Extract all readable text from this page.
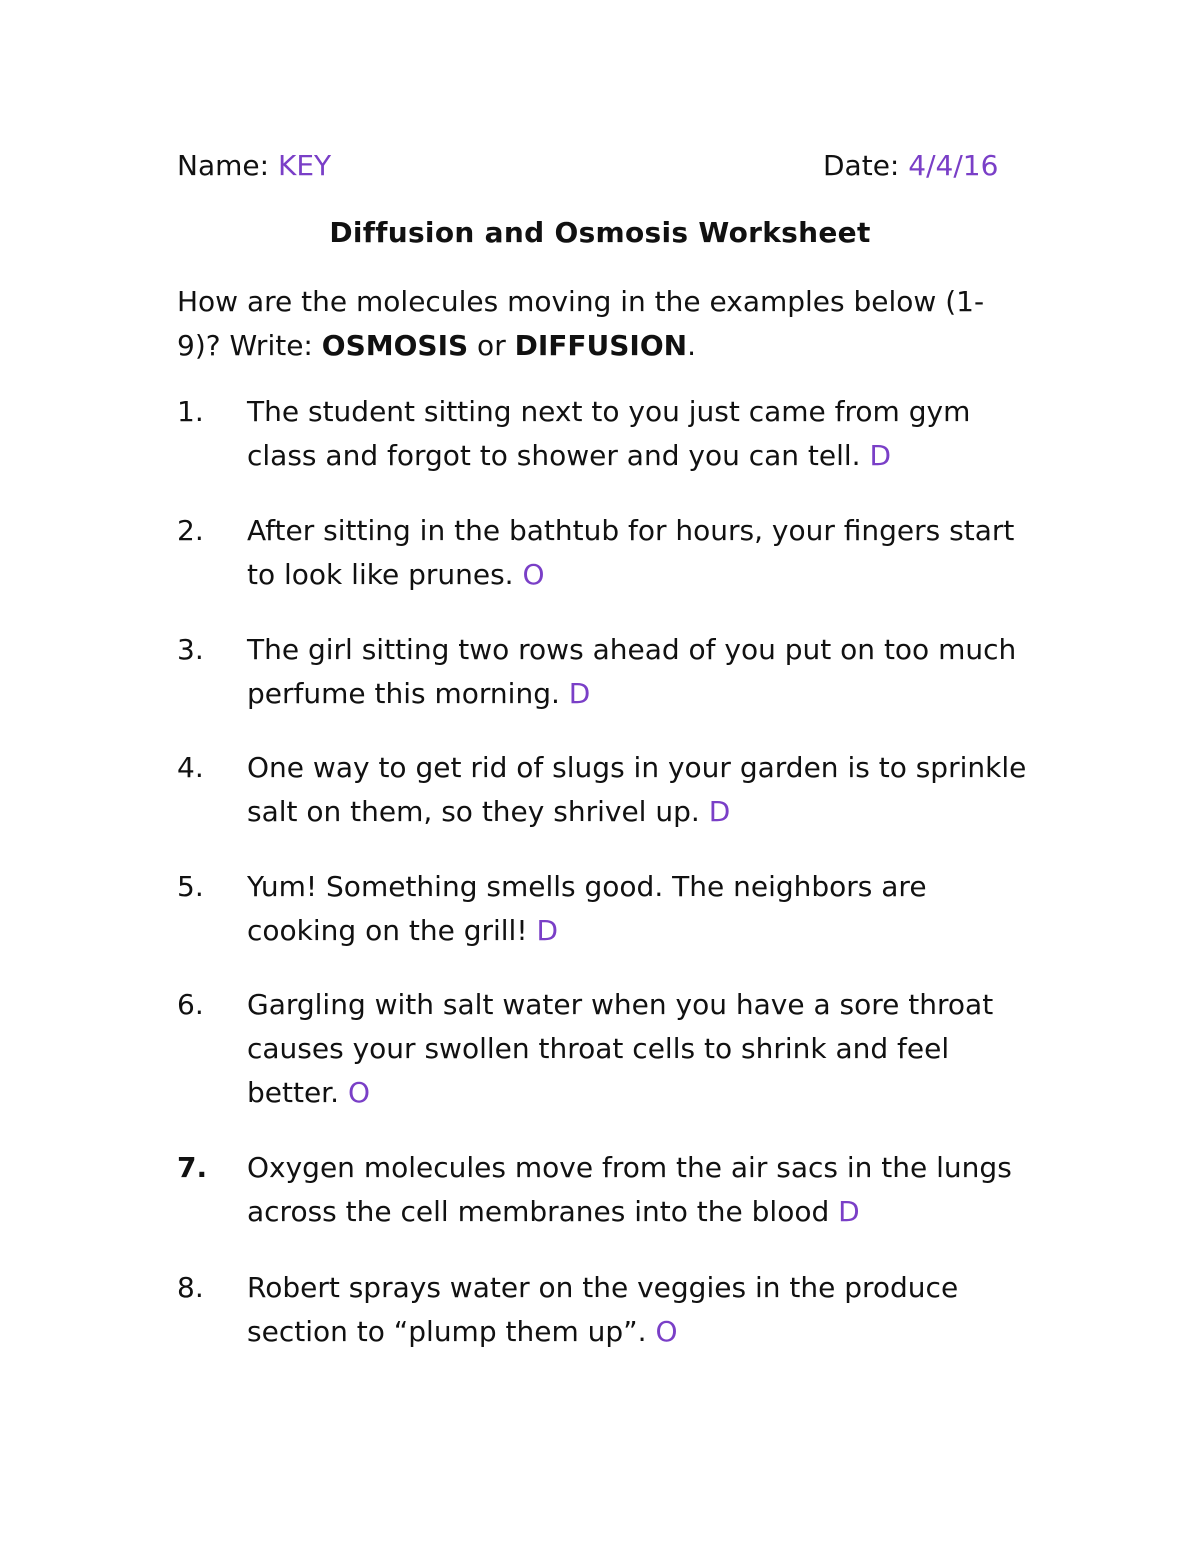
Name: KEY	Date: 4/4/16
Diffusion and Osmosis Worksheet
How are the molecules moving in the examples below (1-9)? Write: OSMOSIS or DIFFUSION.
1.	The student sitting next to you just came from gym class and forgot to shower and you can tell. D
2.	After sitting in the bathtub for hours, your fingers start to look like prunes. O
3.	The girl sitting two rows ahead of you put on too much perfume this morning. D
4.	One way to get rid of slugs in your garden is to sprinkle salt on them, so they shrivel up. D
5.	Yum! Something smells good. The neighbors are cooking on the grill! D
6.	Gargling with salt water when you have a sore throat causes your swollen throat cells to shrink and feel better. O
7.	Oxygen molecules move from the air sacs in the lungs across the cell membranes into the blood D
8.	Robert sprays water on the veggies in the produce section to “plump them up”. O
